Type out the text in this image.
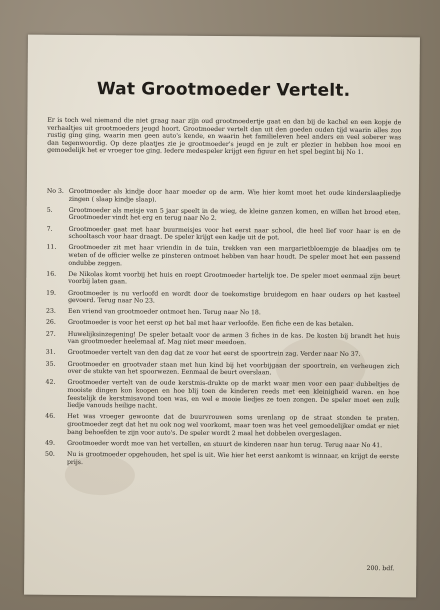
Wat Grootmoeder Vertelt.
Er is toch wel niemand die niet graag naar zijn oud grootmoedertje gaat en dan bij de kachel en een kopje de verhaaltjes uit grootmoeders jeugd hoort. Grootmoeder vertelt dan uit den goeden ouden tijd waarin alles zoo rustig ging ging, waarin men geen auto's kende, en waarin het familieleven heel anders en veel soberer was dan tegenwoordig. Op deze plaatjes zie je grootmoeder's jeugd en je zult er plezier in hebben hoe mooi en gemoedelijk het er vroeger toe ging. Iedere medespeler krijgt een figuur en het spel begint bij No 1.
No 3. Grootmoeder als kindje door haar moeder op de arm. Wie hier komt moet het oude kinderslaapliedje zingen ( slaap kindje slaap).
5.	Grootmoeder als meisje van 5 jaar speelt in de wieg, de kleine ganzen komen, en willen het brood eten. Grootmoeder vindt het erg en terug naar No 2.
7.	Grootmoeder gaat met haar buurmeisjes voor het eerst naar school, die heel lief voor haar is en de schooltasch voor haar draagt. De speler krijgt een kadje uit de pot.
11.	Grootmoeder zit met haar vriendin in de tuin, trekken van een margarietbloempje de blaadjes om te weten of de officier welke ze pinsteren ontmoet hebben van haar houdt. De speler moet het een passend ondubbe zeggen.
16.	De Nikolas komt voorbij het huis en roept Grootmoeder hartelijk toe. De speler moet eenmaal zijn beurt voorbij laten gaan.
19.	Grootmoeder is nu verloofd en wordt door de toekomstige bruidegom en haar ouders op het kasteel gevoerd. Terug naar No 23.
23.	Een vriend van grootmoeder ontmoet hen. Terug naar No 18.
26.	Grootmoeder is voor het eerst op het bal met haar verloofde. Een fiche een de kas betalen.
27.	Huwelijksinzegening! De speler betaalt voor de armen 3 fiches in de kas. De kosten bij brandt het huis van grootmoeder heelemaal af. Mag niet meer meedoen.
31.	Grootmoeder vertelt van den dag dat ze voor het eerst de spoortrein zag. Verder naar No 37.
35.	Grootmoeder en grootvader staan met hun kind bij het voorbijgaan der spoortrein, en verheugen zich over de stukte van het spoorwezen. Eenmaal de beurt overslaan.
42.	Grootmoeder vertelt van de oude kerstmis-drukte op de markt waar men voor een paar dubbeltjes de mooiste dingen kon koopen en hoe blij toen de kinderen reeds met een kleinigheid waren. en hoe feestelijk de kerstmisavond toen was, en wel e mooie liedjes ze toen zongen. De speler moet een zulk liedje vanouds heilige nacht.
46.	Het was vroeger gewoonte dat de buurvrouwen soms urenlang op de straat stonden te praten. grootmoeder zegt dat het nu ook nog wel voorkomt, maar toen was het veel gemoedelijker omdat er niet bang behoefden te zijn voor auto's. De speler wordt 2 maal het dobbelen overgeslagen.
49.	Grootmoeder wordt moe van het vertellen, en stuurt de kinderen naar hun terug. Terug naar No 41.
50.	Nu is grootmoeder opgehouden, het spel is uit. Wie hier het eerst aankomt is winnaar, en krijgt de eerste prijs.
200. bdf.
